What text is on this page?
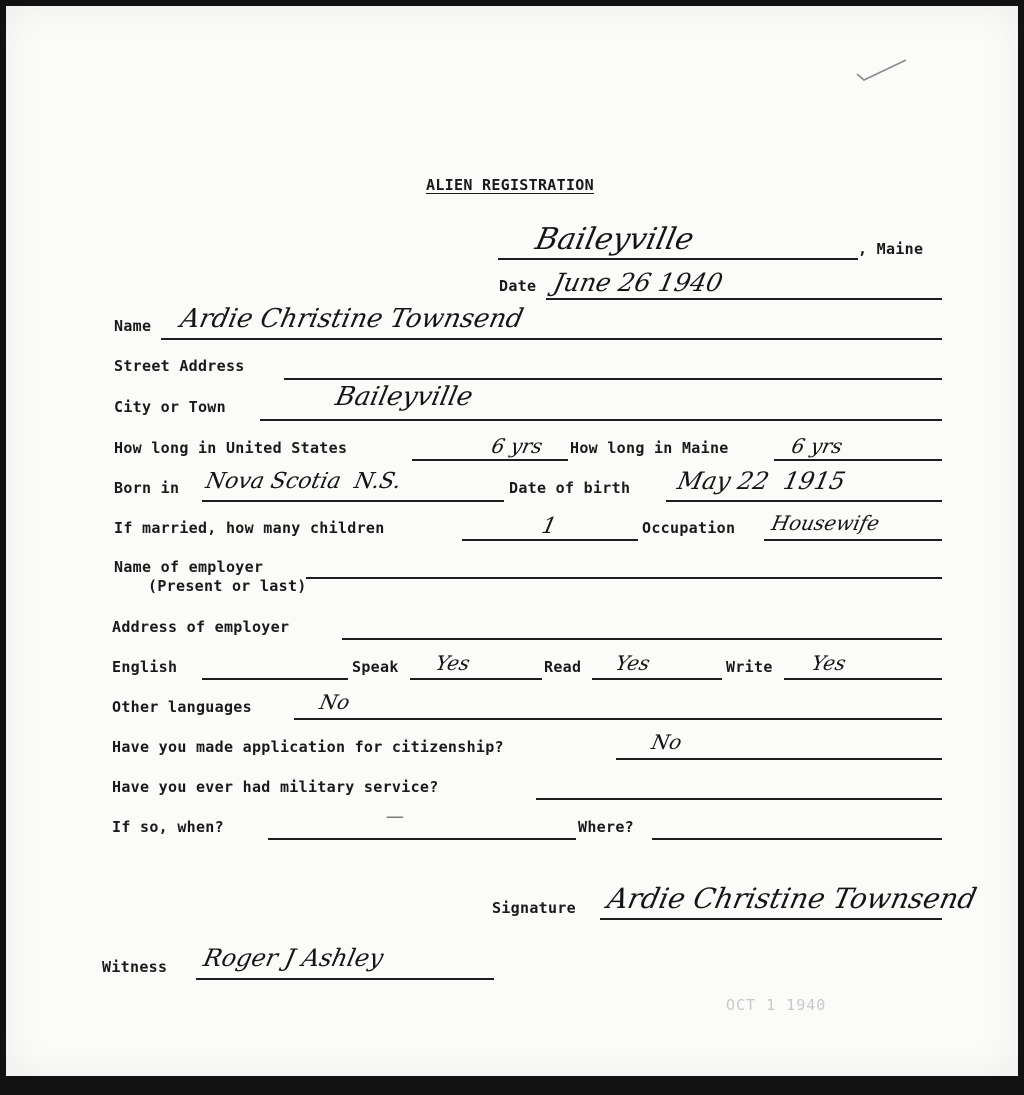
ALIEN REGISTRATION
Baileyville	, Maine
Date June 26 1940
Name Ardie Christine Townsend
Street Address
City or Town	Baileyville
How long in United States	6 yrs How long in Maine	6 yrs
Born in Nova Scotia  N.S.	Date of birth May 22  1915
If married, how many children	1	Occupation Housewife
Name of employer
(Present or last)
Address of employer
English	Speak Yes	Read Yes	Write Yes
Other languages	No
Have you made application for citizenship?	No
Have you ever had military service?
If so, when?	—	Where?
Signature Ardie Christine Townsend
Witness Roger J Ashley
OCT 1 1940
